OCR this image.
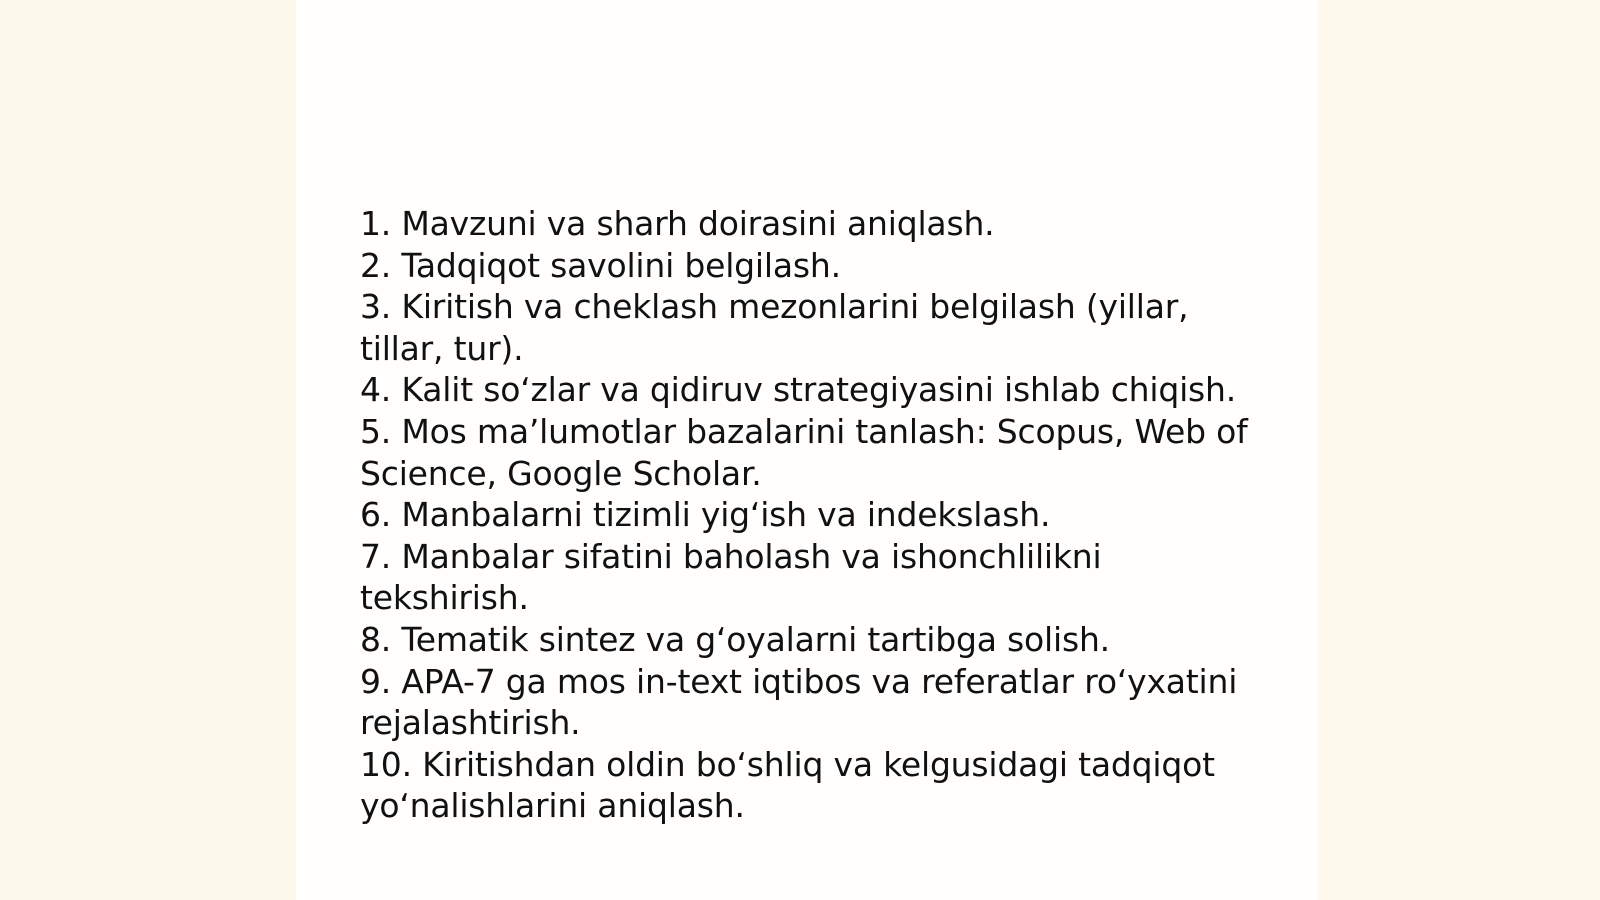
1. Mavzuni va sharh doirasini aniqlash.

2. Tadqiqot savolini belgilash.

3. Kiritish va cheklash mezonlarini belgilash (yillar, tillar, tur).

4. Kalit so‘zlar va qidiruv strategiyasini ishlab chiqish.

5. Mos ma’lumotlar bazalarini tanlash: Scopus, Web of Science, Google Scholar.

6. Manbalarni tizimli yig‘ish va indekslash.

7. Manbalar sifatini baholash va ishonchlilikni tekshirish.

8. Tematik sintez va g‘oyalarni tartibga solish.

9. APA-7 ga mos in-text iqtibos va referatlar ro‘yxatini rejalashtirish.

10. Kiritishdan oldin bo‘shliq va kelgusidagi tadqiqot yo‘nalishlarini aniqlash.
